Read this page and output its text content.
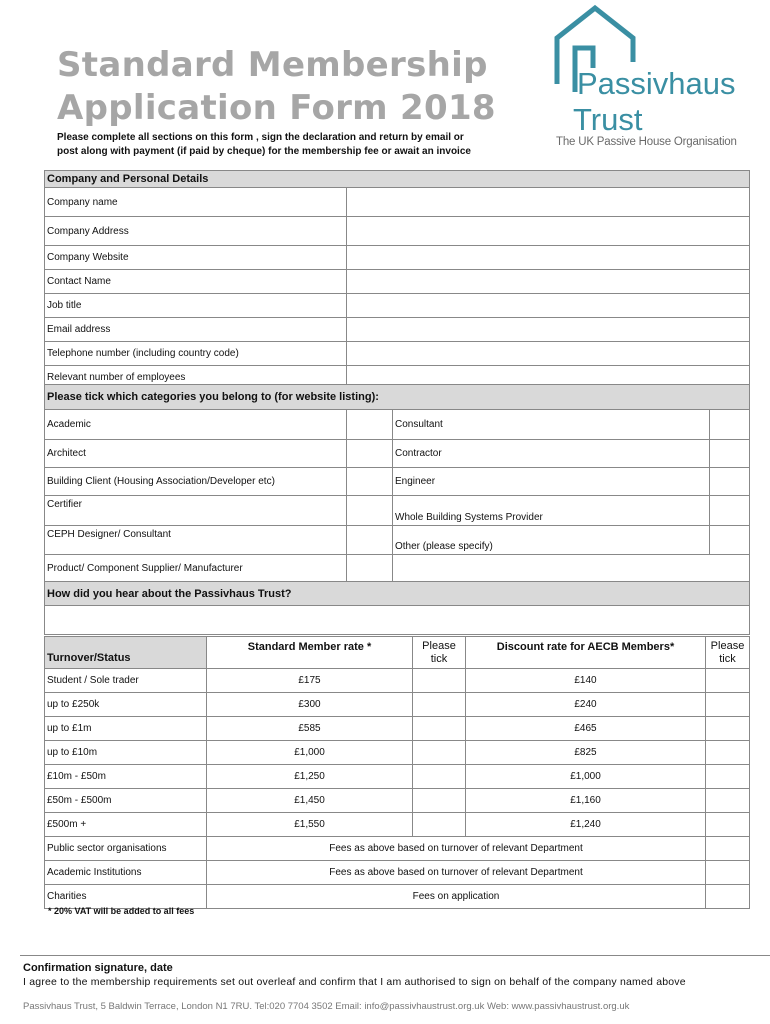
Standard Membership
Application Form 2018
Please complete all sections on this form , sign the declaration and return by email or
post along with payment (if paid by cheque) for the membership fee or await an invoice
Passivhaus
Trust
The UK Passive House Organisation
Company and Personal Details	
Company name	
Company Address	
Company Website	
Contact Name	
Job title	
Email address	
Telephone number (including country code)	
Relevant number of employees	
Please tick which categories you belong to (for website listing):			
Academic		Consultant	
Architect		Contractor	
Building Client (Housing Association/Developer etc)		Engineer	
Certifier		Whole Building Systems Provider	
CEPH Designer/ Consultant		Other (please specify)	
Product/ Component Supplier/ Manufacturer			
How did you hear about the Passivhaus Trust?

Turnover/Status	Standard Member rate *	Please tick	Discount rate for AECB Members*	Please tick
Student / Sole trader	£175		£140	
up to £250k	£300		£240	
up to £1m	£585		£465	
up to £10m	£1,000		£825	
£10m - £50m	£1,250		£1,000	
£50m - £500m	£1,450		£1,160	
£500m +	£1,550		£1,240	
Public sector organisations	Fees as above based on turnover of relevant Department			
Academic Institutions	Fees as above based on turnover of relevant Department			
Charities	Fees on application			
* 20% VAT will be added to all fees
Confirmation signature, date
I agree to the membership requirements set out overleaf and confirm that I am authorised to sign on behalf of the company named above
Passivhaus Trust, 5 Baldwin Terrace, London N1 7RU. Tel:020 7704 3502 Email: info@passivhaustrust.org.uk Web: www.passivhaustrust.org.uk
